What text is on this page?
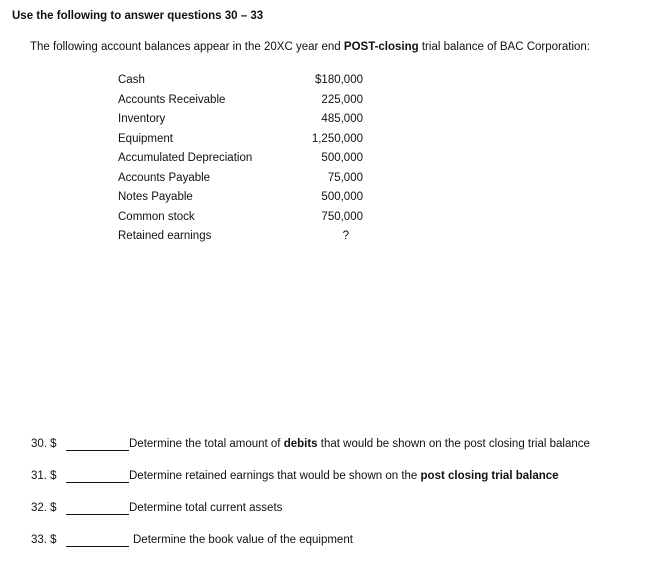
Use the following to answer questions 30 – 33
The following account balances appear in the 20XC year end POST-closing trial balance of BAC Corporation:
Cash	$180,000
Accounts Receivable	225,000
Inventory	485,000
Equipment	1,250,000
Accumulated Depreciation	500,000
Accounts Payable	75,000
Notes Payable	500,000
Common stock	750,000
Retained earnings	?
30. $	Determine the total amount of debits that would be shown on the post closing trial balance
31. $	Determine retained earnings that would be shown on the post closing trial balance
32. $	Determine total current assets
33. $	Determine the book value of the equipment
